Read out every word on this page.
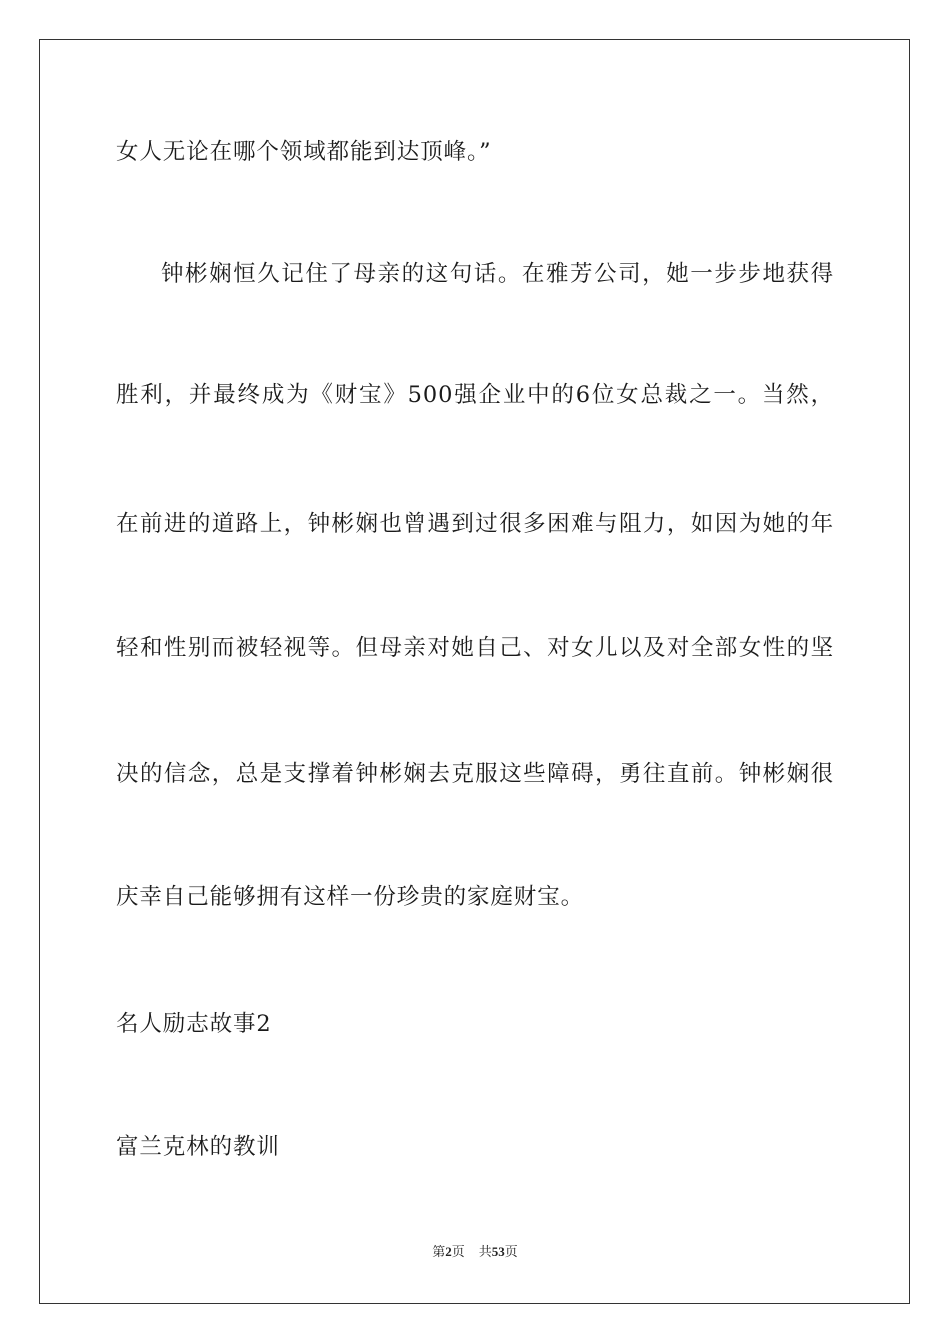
女人无论在哪个领域都能到达顶峰。”
钟彬娴恒久记住了母亲的这句话。在雅芳公司，她一步步地获得
胜利，并最终成为《财宝》500强企业中的6位女总裁之一。当然，
在前进的道路上，钟彬娴也曾遇到过很多困难与阻力，如因为她的年
轻和性别而被轻视等。但母亲对她自己、对女儿以及对全部女性的坚
决的信念，总是支撑着钟彬娴去克服这些障碍，勇往直前。钟彬娴很
庆幸自己能够拥有这样一份珍贵的家庭财宝。
名人励志故事2
富兰克林的教训
第2页 共53页
